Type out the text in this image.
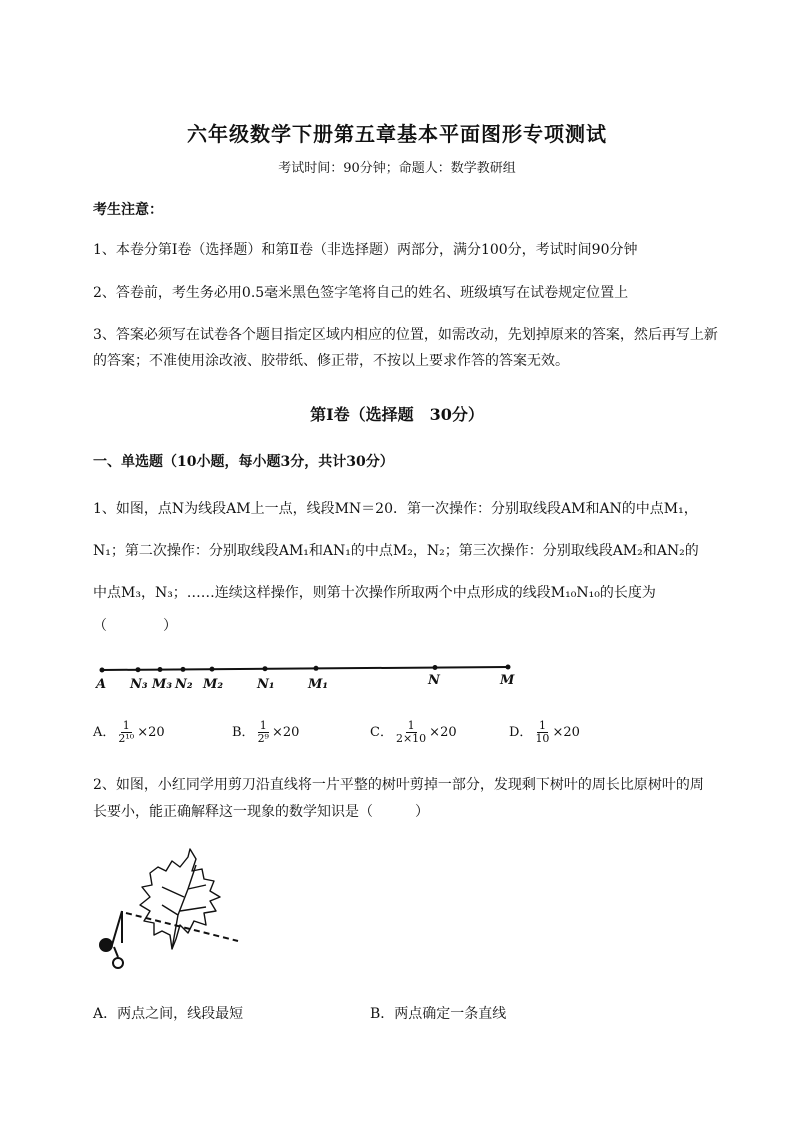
六年级数学下册第五章基本平面图形专项测试
考试时间：90分钟；命题人：数学教研组
考生注意：
1、本卷分第Ⅰ卷（选择题）和第Ⅱ卷（非选择题）两部分，满分100分，考试时间90分钟
2、答卷前，考生务必用0.5毫米黑色签字笔将自己的姓名、班级填写在试卷规定位置上
3、答案必须写在试卷各个题目指定区域内相应的位置，如需改动，先划掉原来的答案，然后再写上新
的答案；不准使用涂改液、胶带纸、修正带，不按以上要求作答的答案无效。
第Ⅰ卷（选择题　30分）
一、单选题（10小题，每小题3分，共计30分）
1、如图，点N为线段AM上一点，线段MN＝20．第一次操作：分别取线段AM和AN的中点M₁，
N₁；第二次操作：分别取线段AM₁和AN₁的中点M₂，N₂；第三次操作：分别取线段AM₂和AN₂的
中点M₃，N₃；……连续这样操作，则第十次操作所取两个中点形成的线段M₁₀N₁₀的长度为
（　　　　）
A N₃ M₃ N₂ M₂	N₁	M₁	N	M
A． $\frac{1}{\text{2¹⁰}} \times 20$	B． $\frac{1}{\text{2⁹}} \times 20$	C． $\frac{1}{2\times 10} \times 20$	D． $\frac{1}{10} \times 20$
2、如图，小红同学用剪刀沿直线将一片平整的树叶剪掉一部分，发现剩下树叶的周长比原树叶的周
长要小，能正确解释这一现象的数学知识是（　　　）
A．两点之间，线段最短	B．两点确定一条直线
